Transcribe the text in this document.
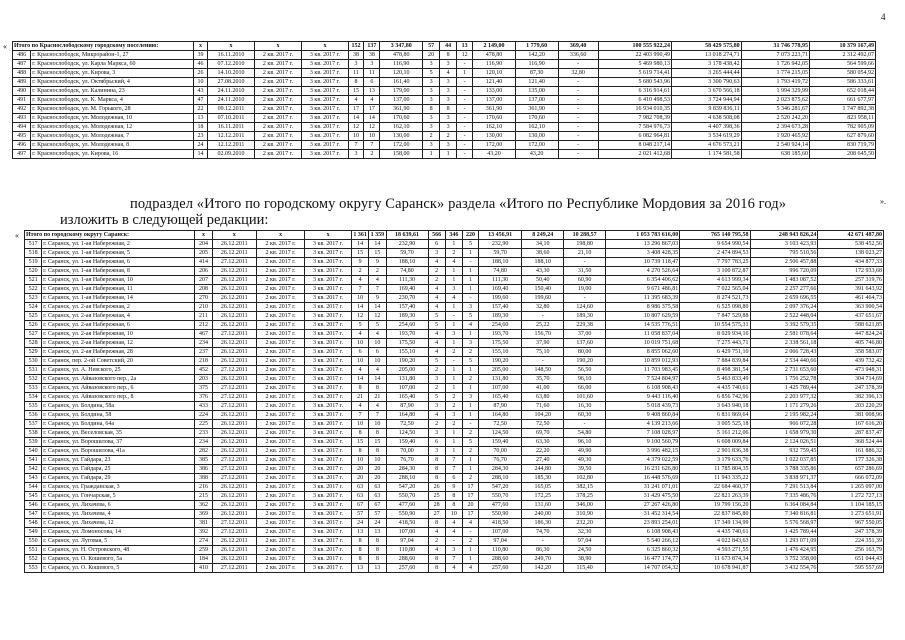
4
« Итого по Краснослободскому городскому поселению:		x	x	x	x	152	137	3 347,80	57	44	13	2 149,00	1 779,60	369,40	100 555 922,24	58 429 575,80	31 746 778,95	10 379 167,49
486	г. Краснослободск, Микрорайон-1, 27	39	16.11.2010	2 кв. 2017 г.	3 кв. 2017 г.	38	38	478,80	20	8	12	478,80	142,20	336,60	22 403 990,49	13 018 274,71	7 073 223,71	2 312 492,07
487	г. Краснослободск, ул. Карла Маркса, 60	46	07.12.2010	2 кв. 2017 г.	3 кв. 2017 г.	3	3	116,90	3	3	-	116,90	116,90	-	5 469 980,13	3 178 438,42	1 726 942,05	564 599,66
488	г. Краснослободск, ул. Кирова, 3	26	14.10.2010	2 кв. 2017 г.	3 кв. 2017 г.	11	11	120,10	5	4	1	120,10	87,30	32,80	5 619 714,41	3 265 444,44	1 774 215,05	580 054,92
489	г. Краснослободск, ул. Октябрьский, 4	10	27.08.2010	2 кв. 2017 г.	3 кв. 2017 г.	8	6	161,40	3	3	-	121,40	121,40	-	5 680 543,96	3 300 790,63	1 793 419,72	586 333,61
490	г. Краснослободск, ул. Калинина, 23	43	24.11.2010	2 кв. 2017 г.	3 кв. 2017 г.	15	13	179,00	3	3	-	133,00	135,00	-	6 316 914,61	3 670 566,18	1 994 329,99	652 018,44
491	г. Краснослободск, ул. К. Маркса, 4	47	24.11.2010	2 кв. 2017 г.	3 кв. 2017 г.	4	4	137,00	3	3	-	137,00	137,00	-	6 410 498,53	3 724 944,94	2 023 875,62	661 677,97
492	г. Краснослободск, ул. М. Горького, 28	22	09.12.2011	2 кв. 2017 г.	3 кв. 2017 г.	17	17	361,90	8	8	-	361,90	361,90	-	16 934 010,35	9 839 836,11	5 346 281,67	1 747 892,38
493	г. Краснослободск, ул. Молодежная, 10	13	07.10.2011	2 кв. 2017 г.	3 кв. 2017 г.	14	14	170,60	3	3	-	170,60	170,60	-	7 982 708,39	4 638 508,08	2 520 242,20	823 958,11
494	г. Краснослободск, ул. Молодежная, 12	18	16.11.2011	2 кв. 2017 г.	3 кв. 2017 г.	12	12	162,10	3	3	-	162,10	162,10	-	7 584 976,73	4 407 398,36	2 394 673,28	782 905,09
495	г. Краснослободск, ул. Молодежная, 7	23	12.12.2011	2 кв. 2017 г.	3 кв. 2017 г.	10	10	130,00	2	2	-	130,00	130,00	-	6 082 964,81	3 534 619,29	1 920 465,92	627 879,60
496	г. Краснослободск, ул. Молодежная, 8	24	12.12.2011	2 кв. 2017 г.	3 кв. 2017 г.	7	7	172,00	3	3	-	172,00	172,00	-	8 048 217,14	4 676 573,21	2 540 924,14	830 719,79
497	г. Краснослободск, ул. Кирова, 16	14	02.09.2010	2 кв. 2017 г.	3 кв. 2017 г.	3	2	158,00	1	1	-	43,20	43,20	-	2 021 412,68	1 174 581,58	638 185,60	208 645,50
».
подраздел «Итого по городскому округу Саранск» раздела «Итого по Республике Мордовия за 2016 год»
изложить в следующей редакции:
« Итого по городскому округу Саранск:		x	x	x	x	1 361	1 359	18 639,61	566	346	220	13 456,91	8 249,24	10 288,57	1 053 783 616,00	765 140 795,58	248 943 826,24	42 671 487,80
517	г. Саранск, ул. 1-ая Набережная, 2	204	26.12.2011	2 кв. 2017 г.	3 кв. 2017 г.	14	14	232,90	6	1	5	232,90	34,10	198,80	13 296 867,03	9 654 990,54	3 103 423,93	538 452,56
518	г. Саранск, ул. 1-ая Набережная, 5	205	26.12.2011	2 кв. 2017 г.	3 кв. 2017 г.	15	15	59,70	3	2	1	59,70	38,60	21,10	3 408 428,35	2 474 894,53	795 510,56	138 023,27
519	г. Саранск, ул. 1-ая Набережная, 6	414	27.12.2011	2 кв. 2017 г.	3 кв. 2017 г.	9	9	188,10	4	4	-	188,10	188,10	-	10 739 118,47	7 797 783,25	2 506 457,88	434 877,33
520	г. Саранск, ул. 1-ая Набережная, 8	206	26.12.2011	2 кв. 2017 г.	3 кв. 2017 г.	2	2	74,80	2	1	1	74,80	43,30	31,50	4 270 526,64	3 100 872,87	996 720,09	172 933,68
521	г. Саранск, ул. 1-ая Набережная, 10	207	26.12.2011	2 кв. 2017 г.	3 кв. 2017 г.	4	4	111,30	2	1	1	111,30	50,40	60,90	6 354 406,62	4 613 999,34	1 483 087,52	257 319,76
522	г. Саранск, ул. 1-ая Набережная, 11	208	26.12.2011	2 кв. 2017 г.	3 кв. 2017 г.	7	7	169,40	4	3	1	169,40	150,40	19,00	9 671 486,81	7 022 565,04	2 257 277,66	391 643,92
523	г. Саранск, ул. 1-ая Набережная, 14	270	26.12.2011	2 кв. 2017 г.	3 кв. 2017 г.	10	9	230,70	4	4	-	199,60	199,60	-	11 395 683,39	8 274 521,73	2 659 696,55	461 464,73
524	г. Саранск, ул. 2-ая Набережная, 2	210	26.12.2011	2 кв. 2017 г.	3 кв. 2017 г.	14	14	157,40	4	1	3	157,40	32,80	124,60	8 986 375,58	6 525 098,80	2 097 376,24	363 900,54
525	г. Саранск, ул. 2-ая Набережная, 4	211	26.12.2011	2 кв. 2017 г.	3 кв. 2017 г.	12	12	189,30	5	-	5	189,30	-	189,30	10 807 629,59	7 847 529,88	2 522 448,04	437 651,67
526	г. Саранск, ул. 2-ая Набережная, 6	212	26.12.2011	2 кв. 2017 г.	3 кв. 2017 г.	5	5	254,60	5	1	4	254,60	25,22	229,38	14 535 776,51	10 554 575,31	3 392 579,35	588 621,85
527	г. Саранск, ул. 2-ая Набережная, 10	467	27.12.2011	2 кв. 2017 г.	3 кв. 2017 г.	4	4	193,70	4	3	1	193,70	156,70	37,00	11 058 837,04	8 029 934,16	2 581 078,64	447 824,24
528	г. Саранск, ул. 2-ая Набережная, 12	234	26.12.2011	2 кв. 2017 г.	3 кв. 2017 г.	10	10	175,50	4	1	3	175,50	37,90	137,60	10 019 751,68	7 275 443,71	2 338 561,18	405 746,80
529	г. Саранск, ул. 2-ая Набережная, 28	237	26.12.2011	2 кв. 2017 г.	3 кв. 2017 г.	6	6	155,10	4	2	2	155,10	75,10	80,00	8 855 062,60	6 429 751,10	2 066 728,43	358 583,07
530	г. Саранск, пер. 2-ой Советский, 20	218	26.12.2011	2 кв. 2017 г.	3 кв. 2017 г.	10	10	190,20	5	-	5	190,20	-	190,20	10 859 012,93	7 884 839,84	2 534 440,66	439 732,42
531	г. Саранск, ул. А. Невского, 25	452	27.12.2011	2 кв. 2017 г.	3 кв. 2017 г.	4	4	205,00	2	1	1	205,00	148,50	56,50	11 703 983,45	8 498 381,54	2 731 653,60	473 948,31
532	г. Саранск, ул. Айвазовского пер., 2а	203	26.12.2011	2 кв. 2017 г.	3 кв. 2017 г.	14	14	131,80	3	1	2	131,80	35,70	96,10	7 524 804,97	5 463 833,49	1 756 252,78	304 714,69
533	г. Саранск, ул. Айвазовского пер., 6	375	27.12.2011	2 кв. 2017 г.	3 кв. 2017 г.	8	8	107,00	2	1	1	107,00	41,00	66,00	6 108 908,43	4 435 740,61	1 425 789,44	247 378,39
534	г. Саранск, ул. Айвазовского пер., 8	376	27.12.2011	2 кв. 2017 г.	3 кв. 2017 г.	21	21	165,40	5	2	3	165,40	63,80	101,60	9 443 116,40	6 856 742,96	2 203 977,32	382 396,13
535	г. Саранск, ул. Болдина, 58а	433	27.12.2011	2 кв. 2017 г.	3 кв. 2017 г.	4	4	87,90	3	2	1	87,90	71,60	16,30	5 018 439,73	3 643 940,18	1 171 279,26	203 220,29
536	г. Саранск, ул. Болдина, 58	224	26.12.2011	2 кв. 2017 г.	3 кв. 2017 г.	7	7	164,80	4	3	1	164,80	104,20	60,30	9 408 860,84	6 831 869,64	2 195 982,24	381 008,96
537	г. Саранск, ул. Болдина, 64а	225	26.12.2011	2 кв. 2017 г.	3 кв. 2017 г.	10	10	72,50	2	2	-	72,50	72,50	-	4 139 213,66	3 005 525,18	966 072,28	167 616,20
538	г. Саранск, ул. Веселовская, 35	233	26.12.2011	2 кв. 2017 г.	3 кв. 2017 г.	8	8	124,50	3	1	2	124,50	69,70	54,80	7 108 028,97	5 161 212,06	1 658 979,30	287 837,47
539	г. Саранск, ул. Ворошилова, 37	234	26.12.2011	2 кв. 2017 г.	3 кв. 2017 г.	15	15	159,40	6	1	5	159,40	63,30	96,10	9 100 560,79	6 608 009,84	2 124 026,51	368 524,44
540	г. Саранск, ул. Ворошилова, 41а	282	26.12.2011	2 кв. 2017 г.	3 кв. 2017 г.	8	8	70,00	3	1	2	70,00	22,20	49,90	3 996 482,15	2 901 836,38	932 759,45	161 886,32
541	г. Саранск, ул. Гайдара, 23	385	27.12.2011	2 кв. 2017 г.	3 кв. 2017 г.	10	10	76,70	8	7	1	76,70	27,40	49,30	4 379 022,59	3 179 633,76	1 022 037,85	177 326,38
542	г. Саранск, ул. Гайдара, 25	386	27.12.2011	2 кв. 2017 г.	3 кв. 2017 г.	20	20	284,30	8	7	1	284,30	244,80	39,50	16 231 626,80	11 785 804,35	3 788 335,86	657 286,69
543	г. Саранск, ул. Гайдара, 29	388	27.12.2011	2 кв. 2017 г.	3 кв. 2017 г.	20	20	288,10	8	6	2	288,10	185,30	102,80	16 448 576,69	11 943 335,22	3 838 971,37	666 072,09
544	г. Саранск, ул. Гражданская, 3	216	26.12.2011	2 кв. 2017 г.	3 кв. 2017 г.	63	63	547,20	26	9	17	547,20	165,05	382,15	31 241 071,01	22 684 460,37	7 291 513,84	1 265 097,00
545	г. Саранск, ул. Гончарская, 5	215	26.12.2011	2 кв. 2017 г.	3 кв. 2017 г.	63	63	550,70	25	8	17	550,70	172,25	378,25	31 429 475,50	22 821 263,39	7 335 486,76	1 272 727,13
546	г. Саранск, ул. Лихачева, 6	362	26.12.2011	2 кв. 2017 г.	3 кв. 2017 г.	67	67	477,60	28	8	20	477,60	131,60	346,00	27 267 426,80	19 799 156,20	6 364 084,84	1 104 185,15
547	г. Саранск, ул. Лихачева, 4	369	26.12.2011	2 кв. 2017 г.	3 кв. 2017 г.	57	57	550,90	27	10	17	550,90	240,00	310,90	31 452 314,54	22 837 845,80	7 340 816,81	1 273 651,91
548	г. Саранск, ул. Лихачева, 12	381	27.12.2011	2 кв. 2017 г.	3 кв. 2017 г.	24	24	418,50	8	4	4	418,50	186,30	232,20	23 893 254,01	17 349 134,99	5 576 568,97	967 550,05
549	г. Саранск, ул. Ломоносова, 14	392	27.12.2011	2 кв. 2017 г.	3 кв. 2017 г.	13	13	107,00	4	4	-	107,00	74,70	32,30	6 108 908,43	4 435 740,61	1 425 789,44	247 378,39
550	г. Саранск, ул. Луговая, 5	274	26.12.2011	2 кв. 2017 г.	3 кв. 2017 г.	8	8	97,04	2	-	2	97,04	-	97,04	5 540 266,12	4 022 843,63	1 293 071,09	224 351,39
551	г. Саранск, ул. Н. Островского, 48	259	26.12.2011	2 кв. 2017 г.	3 кв. 2017 г.	8	8	110,80	4	3	1	110,80	86,30	24,50	6 325 860,32	4 593 271,55	1 476 424,95	256 163,79
552	г. Саранск, ул. О. Кошевого, 5а	184	26.12.2011	2 кв. 2017 г.	3 кв. 2017 г.	8	8	288,60	8	7	1	288,60	249,70	38,90	16 477 174,77	11 673 874,34	3 752 358,00	651 044,43
553	г. Саранск, ул. О. Кошевого, 5	410	27.12.2011	2 кв. 2017 г.	3 кв. 2017 г.	13	13	257,60	8	4	4	257,60	142,20	115,40	14 707 054,32	10 678 941,87	3 432 554,76	595 557,69
